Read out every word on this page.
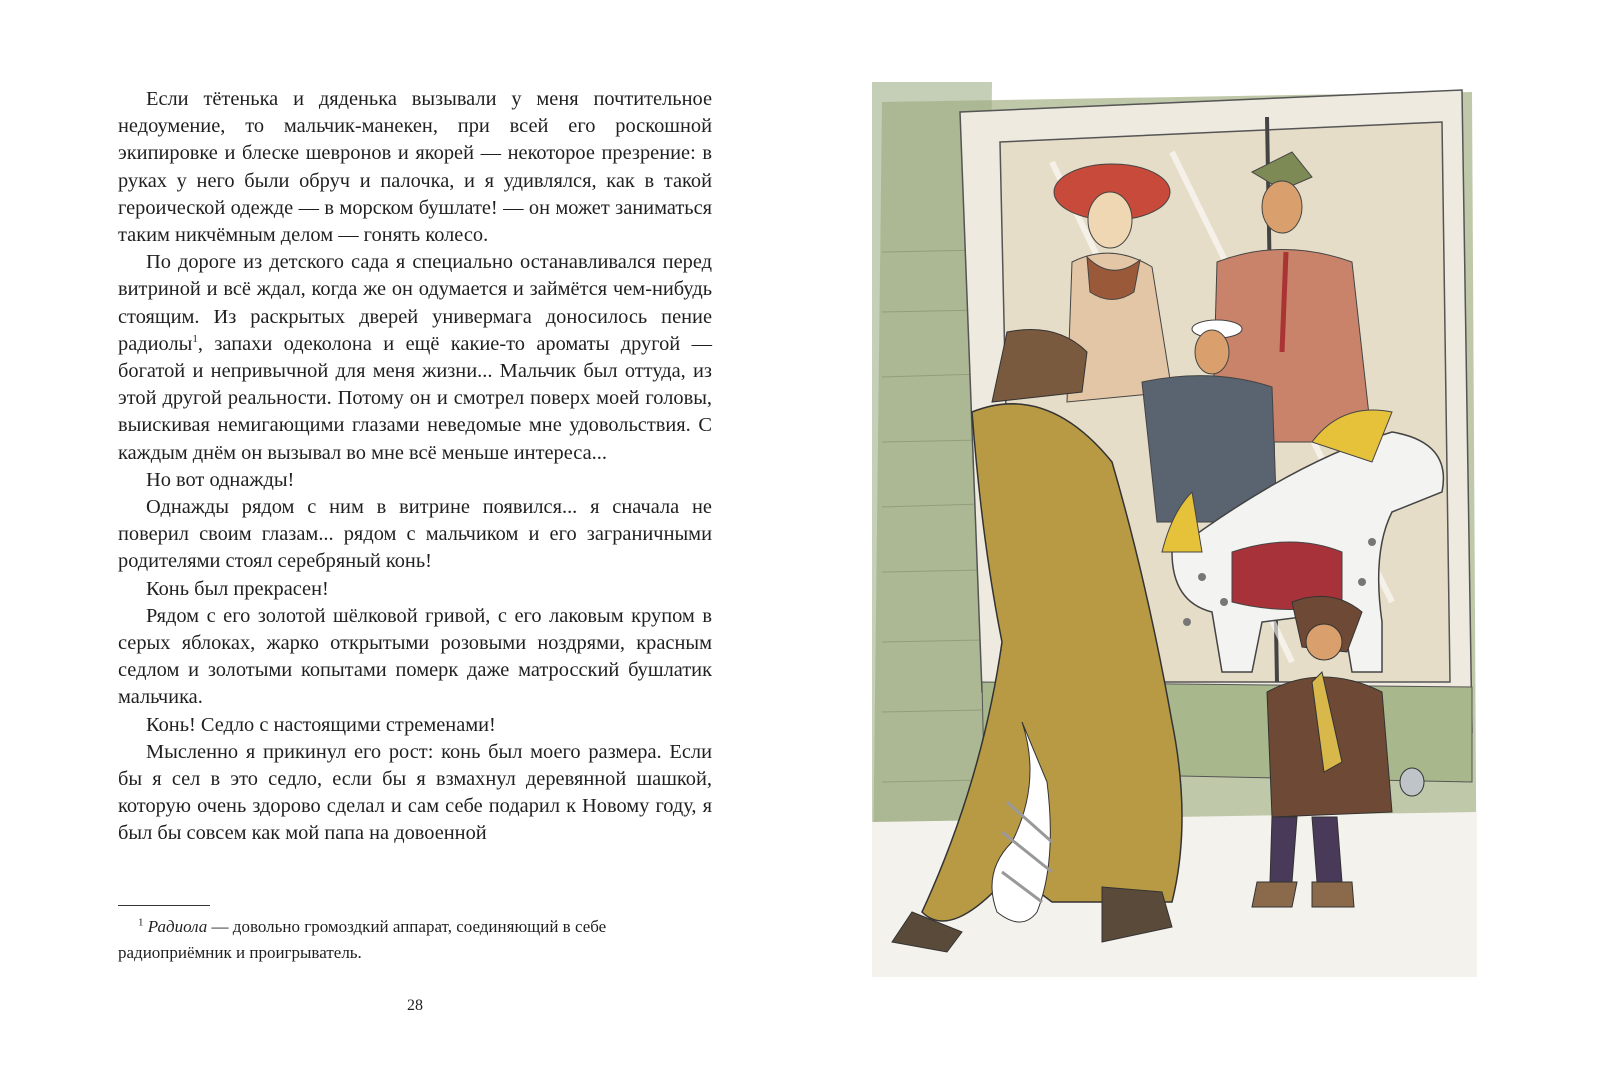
Если тётенька и дяденька вызывали у меня почтительное недоумение, то мальчик-манекен, при всей его роскошной экипировке и блеске шевронов и якорей — некоторое презрение: в руках у него были обруч и палочка, и я удивлялся, как в такой героической одежде — в морском бушлате! — он может заниматься таким никчёмным делом — гонять колесо.

По дороге из детского сада я специально останавливался перед витриной и всё ждал, когда же он одумается и займётся чем-нибудь стоящим. Из раскрытых дверей универмага доносилось пение радиолы$^1$, запахи одеколона и ещё какие-то ароматы другой — богатой и непривычной для меня жизни... Мальчик был оттуда, из этой другой реальности. Потому он и смотрел поверх моей головы, выискивая немигающими глазами неведомые мне удовольствия. С каждым днём он вызывал во мне всё меньше интереса...

Но вот однажды!

Однажды рядом с ним в витрине появился... я сначала не поверил своим глазам... рядом с мальчиком и его заграничными родителями стоял серебряный конь!

Конь был прекрасен!

Рядом с его золотой шёлковой гривой, с его лаковым крупом в серых яблоках, жарко открытыми розовыми ноздрями, красным седлом и золотыми копытами померк даже матросский бушлатик мальчика.

Конь! Седло с настоящими стременами!

Мысленно я прикинул его рост: конь был моего размера. Если бы я сел в это седло, если бы я взмахнул деревянной шашкой, которую очень здорово сделал и сам себе подарил к Новому году, я был бы совсем как мой папа на довоенной

$^1$ Радиола — довольно громоздкий аппарат, соединяющий в себе радиоприёмник и проигрыватель.

28
